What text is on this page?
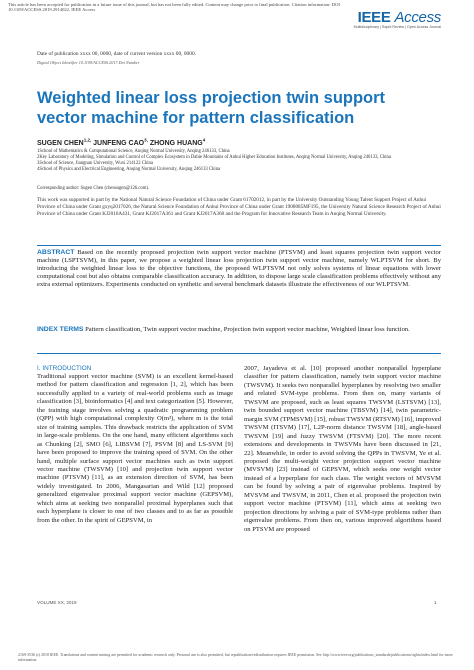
This article has been accepted for publication in a future issue of this journal, but has not been fully edited. Content may change prior to final publication. Citation information: DOI 10.1109/ACCESS.2019.2914022, IEEE Access	IEEE Access
Multidisciplinary | Rapid Review | Open Access Journal
Date of publication xxxx 00, 0000, date of current version xxxx 00, 0000.
Digital Object Identifier 10.1109/ACCESS.2017.Doi Number
Weighted linear loss projection twin support vector machine for pattern classification
SUGEN $CHEN^{1,2,}$ JUNFENG $CAO^{3,}$ ZHONG HUANG$^4$
1School of Mathematics & Computational Science, Anqing Normal University, Anqing 246133, China
2Key Laboratory of Modeling, Simulation and Control of Complex Ecosystem in Dabie Mountains of Anhui Higher Education Institutes, Anqing Normal University, Anqing 246133, China
3School of Science, Jiangnan University, Wuxi 214122 China
4School of Physics and Electrical Engineering, Anqing Normal University, Anqing 246133 China
Corresponding author: Sugen Chen (chensugen@126.com).
This work was supported in part by the National Natural Science Foundation of China under Grant 61702012, in part by the University Outstanding Young Talent Support Project of Anhui Province of China under Grant gxyq2017026, the Natural Science Foundation of Anhui Province of China under Grant 1908085MF195, the University Natural Science Research Project of Anhui Province of China under Grant KJ2016A431, Grant KJ2017A361 and Grant KJ2017A368 and the Program for Innovative Research Team in Anqing Normal University.
ABSTRACT Based on the recently proposed projection twin support vector machine (PTSVM) and least squares projection twin support vector machine (LSPTSVM), in this paper, we propose a weighted linear loss projection twin support vector machine, namely WLPTSVM for short. By introducing the weighted linear loss to the objective functions, the proposed WLPTSVM not only solves systems of linear equations with lower computational cost but also obtains comparable classification accuracy. In addition, to dispose large scale classification problems effectively without any extra external optimizers. Experiments conducted on synthetic and several benchmark datasets illustrate the effectiveness of our WLPTSVM.
INDEX TERMS Pattern classification, Twin support vector machine, Projection twin support vector machine, Weighted linear loss function.
I. INTRODUCTION
Traditional support vector machine (SVM) is an excellent kernel-based method for pattern classification and regression [1, 2], which has been successfully applied to a variety of real-world problems such as image classification [3], bioinformatics [4] and text categorization [5]. However, the training stage involves solving a quadratic programming problem (QPP) with high computational complexity O(m³), where m is the total size of training samples. This drawback restricts the application of SVM in large-scale problems. On the one hand, many efficient algorithms such as Chunking [2], SMO [6], LIBSVM [7], PSVM [8] and LS-SVM [9] have been proposed to improve the training speed of SVM. On the other hand, multiple surface support vector machines such as twin support vector machine (TWSVM) [10] and projection twin support vector machine (PTSVM) [11], as an extension direction of SVM, has been widely investigated. In 2006, Mangasarian and Wild [12] proposed generalized eigenvalue proximal support vector machine (GEPSVM), which aims at seeking two nonparallel proximal hyperplanes such that each hyperplane is closer to one of two classes and to as far as possible from the other. In the spirit of GEPSVM, in
2007, Jayadeva et al. [10] proposed another nonparallel hyperplane classifier for pattern classification, namely twin support vector machine (TWSVM). It seeks two nonparallel hyperplanes by resolving two smaller and related SVM-type problems. From then on, many variants of TWSVM are proposed, such as least squares TWSVM (LSTSVM) [13], twin bounded support vector machine (TBSVM) [14], twin parametric-margin SVM (TPMSVM) [15], robust TWSVM (RTSVM) [16], improved TWSVM (ITSVM) [17], L2P-norm distance TWSVM [18], angle-based TWSVM [19] and fuzzy TWSVM (FTSVM) [20]. The more recent extensions and developments in TWSVMs have been discussed in [21, 22]. Meanwhile, in order to avoid solving the QPPs in TWSVM, Ye et al. proposed the multi-weight vector projection support vector machine (MVSVM) [23] instead of GEPSVM, which seeks one weight vector instead of a hyperplane for each class. The weight vectors of MVSVM can be found by solving a pair of eigenvalue problems. Inspired by MVSVM and TWSVM, in 2011, Chen et al. proposed the projection twin support vector machine (PTSVM) [11], which aims at seeking two projection directions by solving a pair of SVM-type problems rather than eigenvalue problems. From then on, various improved algorithms based on PTSVM are proposed
VOLUME XX, 2019	1
2169-3536 (c) 2018 IEEE. Translations and content mining are permitted for academic research only. Personal use is also permitted, but republication/redistribution requires IEEE permission. See http://www.ieee.org/publications_standards/publications/rights/index.html for more information.
